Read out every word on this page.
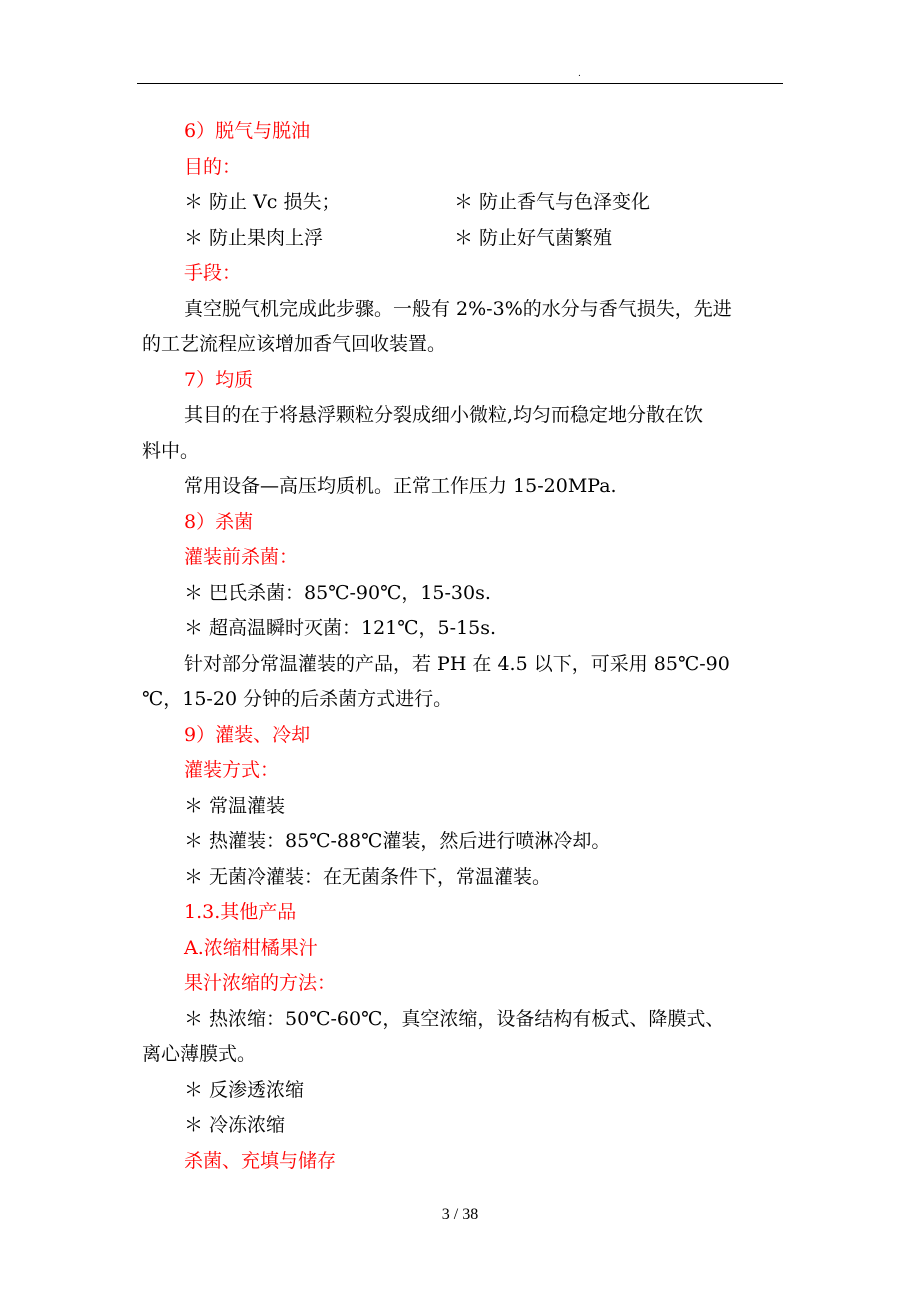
.
6）脱气与脱油
目的：
＊ 防止 Vc 损失；	＊ 防止香气与色泽变化
＊ 防止果肉上浮	＊ 防止好气菌繁殖
手段：
真空脱气机完成此步骤。一般有 2%-3%的水分与香气损失，先进
的工艺流程应该增加香气回收装置。
7）均质
其目的在于将悬浮颗粒分裂成细小微粒,均匀而稳定地分散在饮
料中。
常用设备—高压均质机。正常工作压力 15-20MPa.
8）杀菌
灌装前杀菌：
＊ 巴氏杀菌：85℃-90℃，15-30s.
＊ 超高温瞬时灭菌：121℃，5-15s.
针对部分常温灌装的产品，若 PH 在 4.5 以下，可采用 85℃-90
℃，15-20 分钟的后杀菌方式进行。
9）灌装、冷却
灌装方式：
＊ 常温灌装
＊ 热灌装：85℃-88℃灌装，然后进行喷淋冷却。
＊ 无菌冷灌装：在无菌条件下，常温灌装。
1.3.其他产品
A.浓缩柑橘果汁
果汁浓缩的方法：
＊ 热浓缩：50℃-60℃，真空浓缩，设备结构有板式、降膜式、
离心薄膜式。
＊ 反渗透浓缩
＊ 冷冻浓缩
杀菌、充填与储存
3 / 38
